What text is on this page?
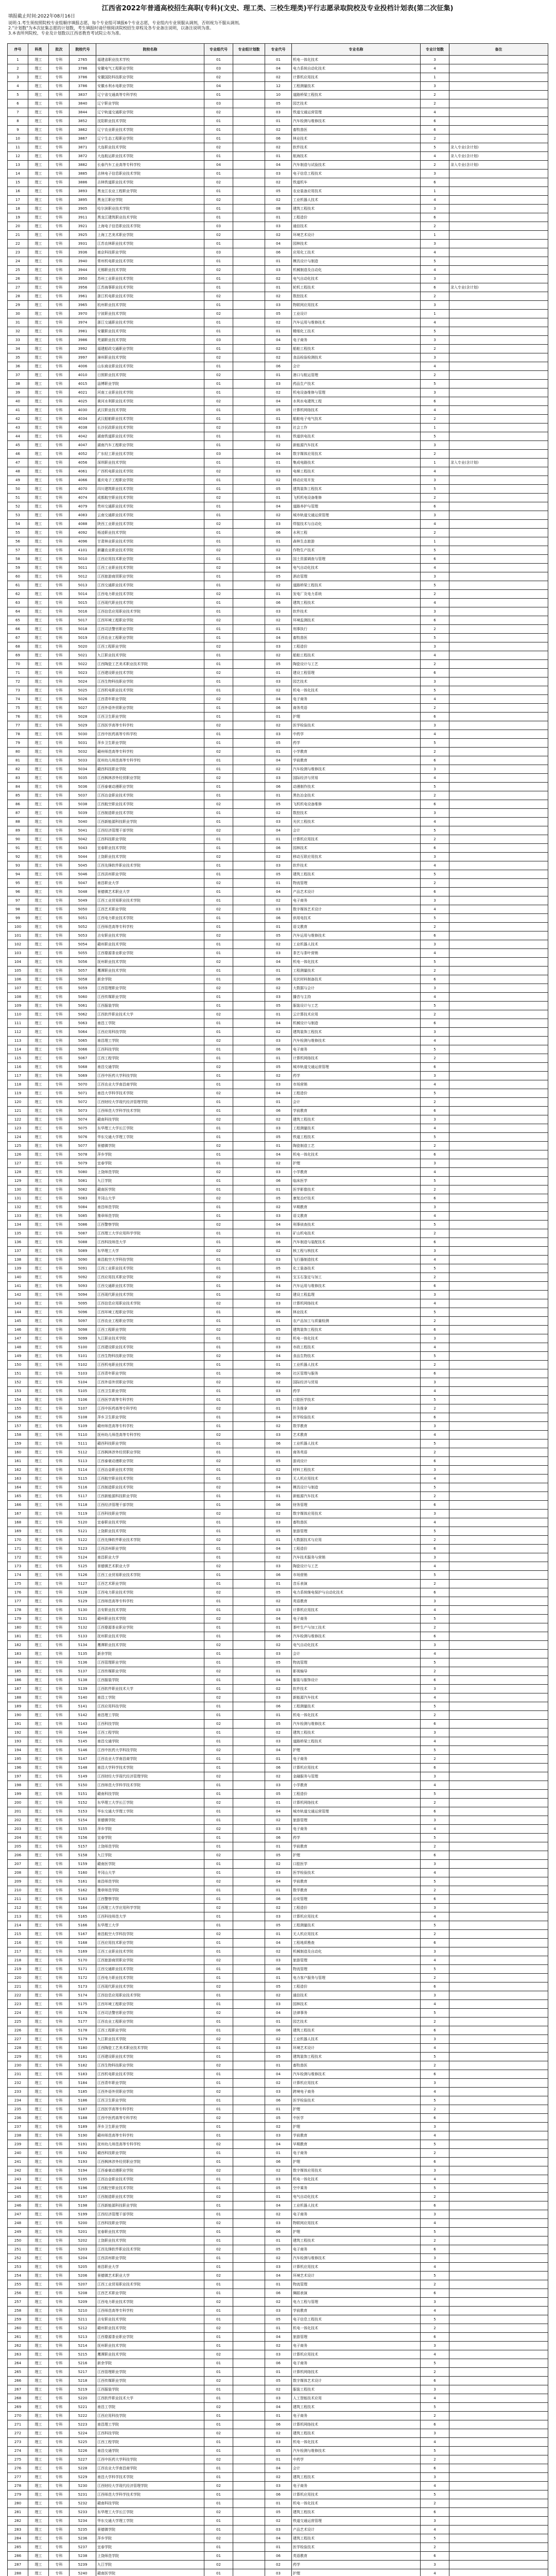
江西省2022年普通高校招生高职(专科)(文史、理工类、三校生理类)平行志愿录取院校及专业投档计划表(第二次征集)
填报截止时间:2022年08月16日
说明:1.考生须按照院校专业组顺序填报志愿，每个专业组可填报6个专业志愿，专业组内专业须服从调剂，否则视为不服从调剂。
2."计划数"为本次征集志愿的计划数，考生填报时请仔细阅读院校招生章程及各专业备注说明，以备注说明为准。
3.本表所列院校、专业及计划数以江西省教育考试院公布为准。
序号	科类	批次	院校代号	院校名称	专业组代号	专业组计划数	专业代号	专业名称	专业计划数	备注
1	理工	专科	2765	福建省职业技术学校	01		01	机电一体化技术	3	
2	理工	专科	3786	安徽电气工程职业学院	03		04	电力系统自动化技术	4	
3	理工	专科	3786	安徽国防科技职业学院	02		02	计算机应用技术	1	
4	理工	专科	3786	安徽水利水电职业学院	04		12	工程测量技术	3	
5	理工	专科	3837	辽宁省交通高等专科学校	01		10	道路桥梁工程技术	2	
6	理工	专科	3840	辽宁职业学院	03		05	园艺技术	2	
7	理工	专科	3844	辽宁轨道交通职业学院	02		03	铁道交通运营管理	4	
8	理工	专科	3852	沈阳职业技术学院	01		01	汽车检测与维修技术	6	
9	理工	专科	3862	辽宁农业职业技术学院	01		02	畜牧兽医	6	
10	理工	专科	3867	辽宁生态工程职业学院	01		06	林业技术	2	
11	理工	专科	3871	大连职业技术学院	02		02	软件技术	5	录入专业(含计划)
12	理工	专科	3872	大连航运职业技术学院	01		01	航海技术	4	录入专业(含计划)
13	理工	专科	3882	长春汽车工业高等专科学校	04		04	汽车制造与试验技术	2	录入专业(含计划)
14	理工	专科	3885	吉林电子信息职业技术学院	01		03	电子信息工程技术	3	
15	理工	专科	3886	吉林铁道职业技术学院	02		02	铁道机车	6	
16	理工	专科	3893	黑龙江农业工程职业学院	01		05	农业装备应用技术	1	
17	理工	专科	3895	黑龙江职业学院	02		02	工业机器人技术	4	
18	理工	专科	3905	哈尔滨职业技术学院	01		08	建筑工程技术	3	
19	理工	专科	3911	黑龙江建筑职业技术学院	01		01	工程造价	6	
20	理工	专科	3921	上海电子信息职业技术学院	03		03	通信技术	2	
21	理工	专科	3925	上海工艺美术职业学院	02		02	环境艺术设计	1	
22	理工	专科	3931	江苏农林职业技术学院	01		04	园林技术	3	
23	理工	专科	3936	南京科技职业学院	03		06	应用化工技术	4	
24	理工	专科	3940	常州机电职业技术学院	01		01	模具设计与制造	5	
25	理工	专科	3944	无锡职业技术学院	02		03	机械制造及自动化	4	
26	理工	专科	3950	苏州工业职业技术学院	01		02	电气自动化技术	3	
27	理工	专科	3956	江苏海事职业技术学院	01		01	轮机工程技术	6	录入专业(含计划)
28	理工	专科	3961	浙江机电职业技术学院	02		02	数控技术	2	
29	理工	专科	3965	杭州职业技术学院	01		03	物联网应用技术	3	
30	理工	专科	3970	宁波职业技术学院	02		05	工业设计	1	
31	理工	专科	3974	浙江交通职业技术学院	01		02	汽车运用与维修技术	4	
32	理工	专科	3981	安徽职业技术学院	01		01	精细化工技术	5	
33	理工	专科	3986	芜湖职业技术学院	03		04	电子商务	3	
34	理工	专科	3992	福建船政交通职业学院	01		02	船舶工程技术	2	
35	理工	专科	3997	漳州职业技术学院	02		02	食品检验检测技术	3	
36	理工	专科	4006	山东商业职业技术学院	01		06	会计	4	
37	理工	专科	4010	日照职业技术学院	02		01	港口与航运管理	2	
38	理工	专科	4015	淄博职业学院	01		03	药品生产技术	5	
39	理工	专科	4021	河南工业职业技术学院	01		02	机电设备维修与管理	3	
40	理工	专科	4025	黄河水利职业技术学院	02		04	水利水电建筑工程	6	
41	理工	专科	4030	武汉职业技术学院	01		05	计算机网络技术	4	
42	理工	专科	4034	武汉船舶职业技术学院	01		01	船舶电子电气技术	2	
43	理工	专科	4038	长沙民政职业技术学院	02		03	社会工作	1	
44	理工	专科	4042	湖南铁道职业技术学院	01		01	铁道供电技术	5	
45	理工	专科	4047	湖南汽车工程职业学院	01		02	新能源汽车技术	3	
46	理工	专科	4052	广东轻工职业技术学院	03		04	数字媒体应用技术	2	
47	理工	专科	4056	深圳职业技术学院	01		01	集成电路技术	1	录入专业(含计划)
48	理工	专科	4061	广西机电职业技术学院	02		03	电梯工程技术	4	
49	理工	专科	4066	重庆电子工程职业学院	01		02	移动应用开发	3	
50	理工	专科	4070	四川建筑职业技术学院	01		05	建筑装饰工程技术	5	
51	理工	专科	4074	成都航空职业技术学院	02		01	飞机机电设备维修	2	
52	理工	专科	4079	贵州交通职业技术学院	01		04	道路养护与管理	6	
53	理工	专科	4083	云南交通职业技术学院	01		02	城市轨道交通运营管理	3	
54	理工	专科	4088	陕西工业职业技术学院	02		03	焊接技术与自动化	4	
55	理工	专科	4092	杨凌职业技术学院	01		06	水利工程	2	
56	理工	专科	4096	甘肃林业职业技术学院	01		01	森林生态旅游	1	
57	理工	专科	4101	新疆农业职业技术学院	02		02	作物生产技术	5	
58	理工	专科	5010	江西应用技术职业学院	01		03	国土资源调查与管理	6	
59	理工	专科	5011	江西工业职业技术学院	02		04	电气自动化技术	4	
60	理工	专科	5012	江西旅游商贸职业学院	01		05	酒店管理	3	
61	理工	专科	5013	江西交通职业技术学院	01		02	道路桥梁工程技术	5	
62	理工	专科	5014	江西电力职业技术学院	02		01	发电厂及电力系统	2	
63	理工	专科	5015	江西现代职业技术学院	01		06	建筑工程技术	4	
64	理工	专科	5016	江西信息应用职业技术学院	01		03	软件技术	3	
65	理工	专科	5017	江西环境工程职业学院	02		02	环境监测技术	6	
66	理工	专科	5018	江西司法警官职业学院	01		01	刑事执行	2	
67	理工	专科	5019	江西农业工程职业学院	01		04	畜牧兽医	5	
68	理工	专科	5020	江西工程职业学院	02		03	工程造价	3	
69	理工	专科	5021	九江职业技术学院	01		02	船舶工程技术	4	
70	理工	专科	5022	江西陶瓷工艺美术职业技术学院	01		05	陶瓷设计与工艺	2	
71	理工	专科	5023	江西建设职业技术学院	02		01	建设工程管理	6	
72	理工	专科	5024	江西生物科技职业学院	01		03	园艺技术	3	
73	理工	专科	5025	江西机电职业技术学院	01		02	机电一体化技术	5	
74	理工	专科	5026	江西青年职业学院	02		04	电子商务	4	
75	理工	专科	5027	江西外语外贸职业学院	01		06	商务英语	2	
76	理工	专科	5028	江西卫生职业学院	01		01	护理	6	
77	理工	专科	5029	江西医学高等专科学校	02		02	医学检验技术	3	
78	理工	专科	5030	江西中医药高等专科学校	01		03	中药学	4	
79	理工	专科	5031	萍乡卫生职业学院	01		05	药学	5	
80	理工	专科	5032	赣州师范高等专科学校	02		01	小学教育	2	
81	理工	专科	5033	抚州幼儿师范高等专科学校	01		04	学前教育	6	
82	理工	专科	5034	赣西科技职业学院	01		02	汽车检测与维修技术	3	
83	理工	专科	5035	江西枫林涉外经贸职业学院	02		03	国际经济与贸易	4	
84	理工	专科	5036	江西泰豪动漫职业学院	01		06	动漫制作技术	5	
85	理工	专科	5037	江西冶金职业技术学院	01		01	黑色冶金技术	2	
86	理工	专科	5038	江西航空职业技术学院	02		05	飞机机电设备维修	6	
87	理工	专科	5039	江西制造职业技术学院	01		02	数控技术	3	
88	理工	专科	5040	江西新能源科技职业学院	01		03	光伏工程技术	4	
89	理工	专科	5041	江西经济管理干部学院	02		04	会计	5	
90	理工	专科	5042	江西科技职业学院	01		01	计算机应用技术	2	
91	理工	专科	5043	宜春职业技术学院	01		06	园林技术	6	
92	理工	专科	5044	上饶职业技术学院	02		02	移动互联应用技术	3	
93	理工	专科	5045	江西先锋软件职业技术学院	01		03	软件技术	4	
94	理工	专科	5046	江西洪州职业学院	01		05	建筑工程技术	5	
95	理工	专科	5047	南昌职业大学	02		01	物流管理	2	
96	理工	专科	5048	景德镇艺术职业大学	01		04	产品艺术设计	6	
97	理工	专科	5049	江西工业贸易职业技术学院	01		02	电子商务	3	
98	理工	专科	5050	江西艺术职业学院	02		03	数字媒体艺术设计	4	
99	理工	专科	5051	江西电力职业技术学院	01		06	供用电技术	5	
100	理工	专科	5052	江西师范高等专科学校	01		01	语文教育	2	
101	理工	专科	5053	吉安职业技术学院	02		05	汽车运用与维修技术	6	
102	理工	专科	5054	赣州职业技术学院	01		02	工业机器人技术	3	
103	理工	专科	5055	江西婺源茶业职业学院	01		03	茶艺与茶叶营销	4	
104	理工	专科	5056	抚州职业技术学院	02		04	机电一体化技术	5	
105	理工	专科	5057	鹰潭职业技术学院	01		01	工程测量技术	2	
106	理工	专科	5058	新余学院	01		06	光伏材料制备技术	6	
107	理工	专科	5059	江西管理职业学院	02		02	大数据与会计	3	
108	理工	专科	5060	江西传媒职业学院	01		03	播音与主持	4	
109	理工	专科	5061	江西服装学院	01		05	服装设计与工艺	5	
110	理工	专科	5062	江西软件职业技术大学	02		01	云计算技术应用	2	
111	理工	专科	5063	南昌工学院	01		04	机械设计与制造	6	
112	理工	专科	5064	江西应用科技学院	01		02	建筑装饰工程技术	3	
113	理工	专科	5065	南昌理工学院	02		03	汽车检测与维修技术	4	
114	理工	专科	5066	江西科技学院	01		06	电子商务	5	
115	理工	专科	5067	江西工程学院	01		01	计算机网络技术	2	
116	理工	专科	5068	南昌交通学院	02		05	城市轨道交通运营管理	6	
117	理工	专科	5069	江西中医药大学科技学院	01		02	药学	3	
118	理工	专科	5070	江西农业大学南昌商学院	01		03	市场营销	4	
119	理工	专科	5071	南昌大学科学技术学院	02		04	工程造价	5	
120	理工	专科	5072	江西财经大学现代经济管理学院	01		01	会计	2	
121	理工	专科	5073	江西师范大学科学技术学院	01		06	学前教育	6	
122	理工	专科	5074	赣南科技学院	02		02	建筑工程技术	3	
123	理工	专科	5075	东华理工大学长江学院	01		03	工程测量技术	4	
124	理工	专科	5076	华东交通大学理工学院	01		05	铁道工程技术	5	
125	理工	专科	5077	景德镇学院	02		01	陶瓷制造工艺	2	
126	理工	专科	5078	萍乡学院	01		04	机电一体化技术	6	
127	理工	专科	5079	宜春学院	01		02	护理	3	
128	理工	专科	5080	上饶师范学院	02		03	小学教育	4	
129	理工	专科	5081	九江学院	01		06	临床医学	5	
130	理工	专科	5082	赣南医学院	01		01	医学影像技术	2	
131	理工	专科	5083	井冈山大学	02		05	康复治疗技术	6	
132	理工	专科	5084	南昌师范学院	01		02	早期教育	3	
133	理工	专科	5085	豫章师范学院	01		03	语文教育	4	
134	理工	专科	5086	江西警察学院	02		04	刑事侦查技术	5	
135	理工	专科	5087	江西理工大学应用科学学院	01		01	矿山机电技术	2	
136	理工	专科	5088	江西科技师范大学	01		06	汽车制造与装配技术	6	
137	理工	专科	5089	东华理工大学	02		02	核工程与核技术	3	
138	理工	专科	5090	南昌航空大学科技学院	01		03	飞行器制造技术	4	
139	理工	专科	5091	江西工业职业技术学院	01		05	化工装备技术	5	
140	理工	专科	5092	江西应用技术职业学院	02		01	宝玉石鉴定与加工	2	
141	理工	专科	5093	江西交通职业技术学院	01		04	汽车运用与维修技术	6	
142	理工	专科	5094	江西现代职业技术学院	01		02	建设工程监理	3	
143	理工	专科	5095	江西信息应用职业技术学院	02		03	计算机网络技术	4	
144	理工	专科	5096	江西环境工程职业学院	01		06	林业技术	5	
145	理工	专科	5097	江西农业工程职业学院	01		01	农产品加工与质量检测	2	
146	理工	专科	5098	江西工程职业学院	02		05	建筑装饰工程技术	6	
147	理工	专科	5099	九江职业技术学院	01		02	机电一体化技术	3	
148	理工	专科	5100	江西建设职业技术学院	01		03	市政工程技术	4	
149	理工	专科	5101	江西生物科技职业学院	02		04	食品生物技术	5	
150	理工	专科	5102	江西机电职业技术学院	01		01	工业机器人技术	2	
151	理工	专科	5103	江西青年职业学院	01		06	社区管理与服务	6	
152	理工	专科	5104	江西外语外贸职业学院	02		02	国际经济与贸易	3	
153	理工	专科	5105	江西卫生职业学院	01		03	药学	4	
154	理工	专科	5106	江西医学高等专科学校	01		05	口腔医学技术	5	
155	理工	专科	5107	江西中医药高等专科学校	02		01	针灸推拿	2	
156	理工	专科	5108	萍乡卫生职业学院	01		04	医学检验技术	6	
157	理工	专科	5109	赣州师范高等专科学校	01		02	数学教育	3	
158	理工	专科	5110	抚州幼儿师范高等专科学校	02		03	艺术教育	4	
159	理工	专科	5111	赣西科技职业学院	01		06	工业机器人技术	5	
160	理工	专科	5112	江西枫林涉外经贸职业学院	01		01	商务英语	2	
161	理工	专科	5113	江西泰豪动漫职业学院	02		05	游戏设计	6	
162	理工	专科	5114	江西冶金职业技术学院	01		02	材料工程技术	3	
163	理工	专科	5115	江西航空职业技术学院	01		03	无人机应用技术	4	
164	理工	专科	5116	江西制造职业技术学院	02		04	模具设计与制造	5	
165	理工	专科	5117	江西新能源科技职业学院	01		01	新能源汽车技术	2	
166	理工	专科	5118	江西经济管理干部学院	01		06	财务管理	6	
167	理工	专科	5119	江西科技职业学院	02		02	数字媒体应用技术	3	
168	理工	专科	5120	宜春职业技术学院	01		03	畜牧兽医	4	
169	理工	专科	5121	上饶职业技术学院	01		05	旅游管理	5	
170	理工	专科	5122	江西先锋软件职业技术学院	02		01	大数据技术与应用	2	
171	理工	专科	5123	江西洪州职业学院	01		04	工程造价	6	
172	理工	专科	5124	南昌职业大学	01		02	汽车技术服务与营销	3	
173	理工	专科	5125	景德镇艺术职业大学	02		03	陶瓷设计与工艺	4	
174	理工	专科	5126	江西工业贸易职业技术学院	01		06	市场营销	5	
175	理工	专科	5127	江西艺术职业学院	01		01	音乐表演	2	
176	理工	专科	5128	江西电力职业技术学院	02		05	电力系统继电保护与自动化技术	6	
177	理工	专科	5129	江西师范高等专科学校	01		02	英语教育	3	
178	理工	专科	5130	吉安职业技术学院	01		03	计算机应用技术	4	
179	理工	专科	5131	赣州职业技术学院	02		04	电子商务	5	
180	理工	专科	5132	江西婺源茶业职业学院	01		01	茶叶生产与加工技术	2	
181	理工	专科	5133	抚州职业技术学院	01		06	汽车检测与维修技术	6	
182	理工	专科	5134	鹰潭职业技术学院	02		02	电气自动化技术	3	
183	理工	专科	5135	新余学院	01		03	会计	4	
184	理工	专科	5136	江西管理职业学院	01		05	物流管理	5	
185	理工	专科	5137	江西传媒职业学院	02		01	影视编导	2	
186	理工	专科	5138	江西服装学院	01		04	服装与服饰设计	6	
187	理工	专科	5139	江西软件职业技术大学	01		02	软件技术	3	
188	理工	专科	5140	南昌工学院	02		03	新能源汽车技术	4	
189	理工	专科	5141	江西应用科技学院	01		06	工程测量技术	5	
190	理工	专科	5142	南昌理工学院	01		01	机电一体化技术	2	
191	理工	专科	5143	江西科技学院	02		05	汽车检测与维修技术	6	
192	理工	专科	5144	江西工程学院	01		02	建筑工程技术	3	
193	理工	专科	5145	南昌交通学院	01		03	道路桥梁工程技术	4	
194	理工	专科	5146	江西中医药大学科技学院	02		04	护理	5	
195	理工	专科	5147	江西农业大学南昌商学院	01		01	电子商务	2	
196	理工	专科	5148	南昌大学科学技术学院	01		06	计算机应用技术	6	
197	理工	专科	5149	江西财经大学现代经济管理学院	02		02	金融服务与管理	3	
198	理工	专科	5150	江西师范大学科学技术学院	01		03	小学教育	4	
199	理工	专科	5151	赣南科技学院	01		05	工程造价	5	
200	理工	专科	5152	东华理工大学长江学院	02		01	计算机网络技术	2	
201	理工	专科	5153	华东交通大学理工学院	01		04	城市轨道交通运营管理	6	
202	理工	专科	5154	景德镇学院	01		02	旅游管理	3	
203	理工	专科	5155	萍乡学院	02		03	电子商务	4	
204	理工	专科	5156	宜春学院	01		06	药学	5	
205	理工	专科	5157	上饶师范学院	01		01	学前教育	2	
206	理工	专科	5158	九江学院	02		05	护理	6	
207	理工	专科	5159	赣南医学院	01		02	口腔医学	3	
208	理工	专科	5160	井冈山大学	01		03	医学检验技术	4	
209	理工	专科	5161	南昌师范学院	02		04	学前教育	5	
210	理工	专科	5162	豫章师范学院	01		01	数学教育	2	
211	理工	专科	5163	江西警察学院	01		06	治安管理	6	
212	理工	专科	5164	江西理工大学应用科学学院	02		02	工程造价	3	
213	理工	专科	5165	江西科技师范大学	01		03	计算机应用技术	4	
214	理工	专科	5166	东华理工大学	01		05	工程测量技术	5	
215	理工	专科	5167	南昌航空大学科技学院	02		01	无人机应用技术	2	
216	理工	专科	5168	江西应用技术职业学院	01		04	工程地质勘查	6	
217	理工	专科	5169	江西工业职业技术学院	01		02	机械制造及自动化	3	
218	理工	专科	5170	江西旅游商贸职业学院	02		03	旅游管理	4	
219	理工	专科	5171	江西交通职业技术学院	01		06	物流管理	5	
220	理工	专科	5172	江西电力职业技术学院	01		01	电力客户服务与管理	2	
221	理工	专科	5173	江西现代职业技术学院	02		05	工程造价	6	
222	理工	专科	5174	江西信息应用职业技术学院	01		02	通信技术	3	
223	理工	专科	5175	江西环境工程职业学院	01		03	园林技术	4	
224	理工	专科	5176	江西司法警官职业学院	02		04	法律事务	5	
225	理工	专科	5177	江西农业工程职业学院	01		01	园艺技术	2	
226	理工	专科	5178	江西工程职业学院	01		06	建筑工程技术	6	
227	理工	专科	5179	九江职业技术学院	02		02	工业机器人技术	3	
228	理工	专科	5180	江西陶瓷工艺美术职业技术学院	01		03	环境艺术设计	4	
229	理工	专科	5181	江西建设职业技术学院	01		05	建筑装饰工程技术	5	
230	理工	专科	5182	江西生物科技职业学院	02		01	畜牧兽医	2	
231	理工	专科	5183	江西机电职业技术学院	01		04	汽车检测与维修技术	6	
232	理工	专科	5184	江西青年职业学院	01		02	计算机应用技术	3	
233	理工	专科	5185	江西外语外贸职业学院	02		03	跨境电子商务	4	
234	理工	专科	5186	江西卫生职业学院	01		06	医学检验技术	5	
235	理工	专科	5187	江西医学高等专科学校	01		01	护理	2	
236	理工	专科	5188	江西中医药高等专科学校	02		05	中医学	6	
237	理工	专科	5189	萍乡卫生职业学院	01		02	护理	3	
238	理工	专科	5190	赣州师范高等专科学校	01		03	学前教育	4	
239	理工	专科	5191	抚州幼儿师范高等专科学校	02		04	早期教育	5	
240	理工	专科	5192	赣西科技职业学院	01		01	电子商务	2	
241	理工	专科	5193	江西枫林涉外经贸职业学院	01		06	护理	6	
242	理工	专科	5194	江西泰豪动漫职业学院	02		02	数字媒体应用技术	3	
243	理工	专科	5195	江西冶金职业技术学院	01		03	机电一体化技术	4	
244	理工	专科	5196	江西航空职业技术学院	01		05	空中乘务	5	
245	理工	专科	5197	江西制造职业技术学院	02		01	电气自动化技术	2	
246	理工	专科	5198	江西新能源科技职业学院	01		04	工业机器人技术	6	
247	理工	专科	5199	江西经济管理干部学院	01		02	电子商务	3	
248	理工	专科	5200	江西科技职业学院	02		03	物联网应用技术	4	
249	理工	专科	5201	宜春职业技术学院	01		06	护理	5	
250	理工	专科	5202	上饶职业技术学院	01		01	建筑工程技术	2	
251	理工	专科	5203	江西先锋软件职业技术学院	02		05	电子商务	6	
252	理工	专科	5204	江西洪州职业学院	01		02	汽车检测与维修技术	3	
253	理工	专科	5205	南昌职业大学	01		03	计算机应用技术	4	
254	理工	专科	5206	景德镇艺术职业大学	02		04	环境艺术设计	5	
255	理工	专科	5207	江西工业贸易职业技术学院	01		01	物流管理	2	
256	理工	专科	5208	江西艺术职业学院	01		06	舞蹈表演	6	
257	理工	专科	5209	江西电力职业技术学院	02		02	电力工程与管理	3	
258	理工	专科	5210	江西师范高等专科学校	01		03	学前教育	4	
259	理工	专科	5211	吉安职业技术学院	01		05	电子信息工程技术	5	
260	理工	专科	5212	赣州职业技术学院	02		01	机电一体化技术	2	
261	理工	专科	5213	江西婺源茶业职业学院	01		04	旅游管理	6	
262	理工	专科	5214	抚州职业技术学院	01		02	电子商务	3	
263	理工	专科	5215	鹰潭职业技术学院	02		03	计算机应用技术	4	
264	理工	专科	5216	新余学院	01		06	电子商务	5	
265	理工	专科	5217	江西管理职业学院	01		01	计算机网络技术	2	
266	理工	专科	5218	江西传媒职业学院	02		05	数字媒体艺术设计	6	
267	理工	专科	5219	江西服装学院	01		02	服装工程技术	3	
268	理工	专科	5220	江西软件职业技术大学	01		03	人工智能技术应用	4	
269	理工	专科	5221	南昌工学院	02		04	建筑工程技术	5	
270	理工	专科	5222	江西应用科技学院	01		01	电子商务	2	
271	理工	专科	5223	南昌理工学院	01		06	计算机网络技术	6	
272	理工	专科	5224	江西科技学院	02		02	建筑工程技术	3	
273	理工	专科	5225	江西工程学院	01		03	机电一体化技术	4	
274	理工	专科	5226	南昌交通学院	01		05	汽车检测与维修技术	5	
275	理工	专科	5227	江西中医药大学科技学院	02		01	中药学	2	
276	理工	专科	5228	江西农业大学南昌商学院	01		04	会计	6	
277	理工	专科	5229	南昌大学科学技术学院	01		02	建筑工程技术	3	
278	理工	专科	5230	江西财经大学现代经济管理学院	02		03	电子商务	4	
279	理工	专科	5231	江西师范大学科学技术学院	01		06	计算机应用技术	5	
280	理工	专科	5232	赣南科技学院	01		01	机电一体化技术	2	
281	理工	专科	5233	东华理工大学长江学院	02		05	建筑工程技术	6	
282	理工	专科	5234	华东交通大学理工学院	01		02	铁道交通运营管理	3	
283	理工	专科	5235	景德镇学院	01		03	产品艺术设计	4	
284	理工	专科	5236	萍乡学院	02		04	建筑工程技术	5	
285	理工	专科	5237	宜春学院	01		01	医学检验技术	2	
286	理工	专科	5238	上饶师范学院	01		06	英语教育	6	
287	理工	专科	5239	九江学院	02		02	药学	3	
288	理工	专科	5240	赣南医学院	01		03	护理	4	
